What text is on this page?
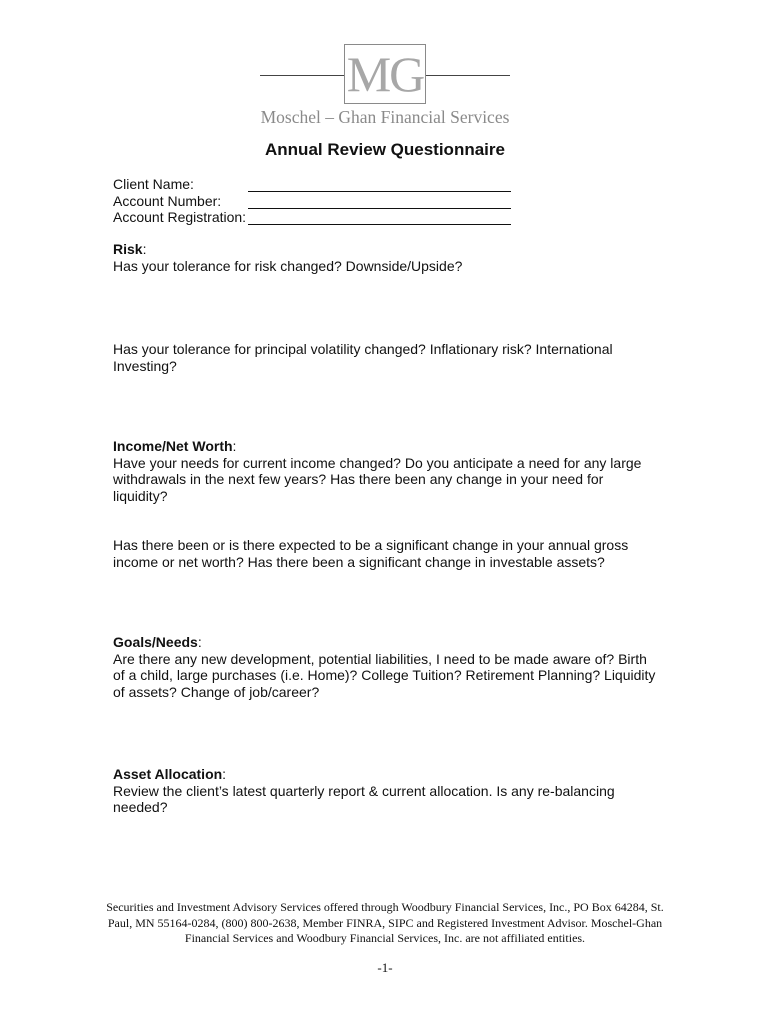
MG
Moschel – Ghan Financial Services
Annual Review Questionnaire
Client Name:
Account Number:
Account Registration:
Risk:
Has your tolerance for risk changed? Downside/Upside?
Has your tolerance for principal volatility changed? Inflationary risk? International Investing?
Income/Net Worth:
Have your needs for current income changed? Do you anticipate a need for any large withdrawals in the next few years? Has there been any change in your need for liquidity?
Has there been or is there expected to be a significant change in your annual gross income or net worth? Has there been a significant change in investable assets?
Goals/Needs:
Are there any new development, potential liabilities, I need to be made aware of? Birth of a child, large purchases (i.e. Home)? College Tuition? Retirement Planning? Liquidity of assets? Change of job/career?
Asset Allocation:
Review the client’s latest quarterly report & current allocation. Is any re-balancing needed?
Securities and Investment Advisory Services offered through Woodbury Financial Services, Inc., PO Box 64284, St. Paul, MN 55164-0284, (800) 800-2638, Member FINRA, SIPC and Registered Investment Advisor. Moschel-Ghan Financial Services and Woodbury Financial Services, Inc. are not affiliated entities.
-1-
